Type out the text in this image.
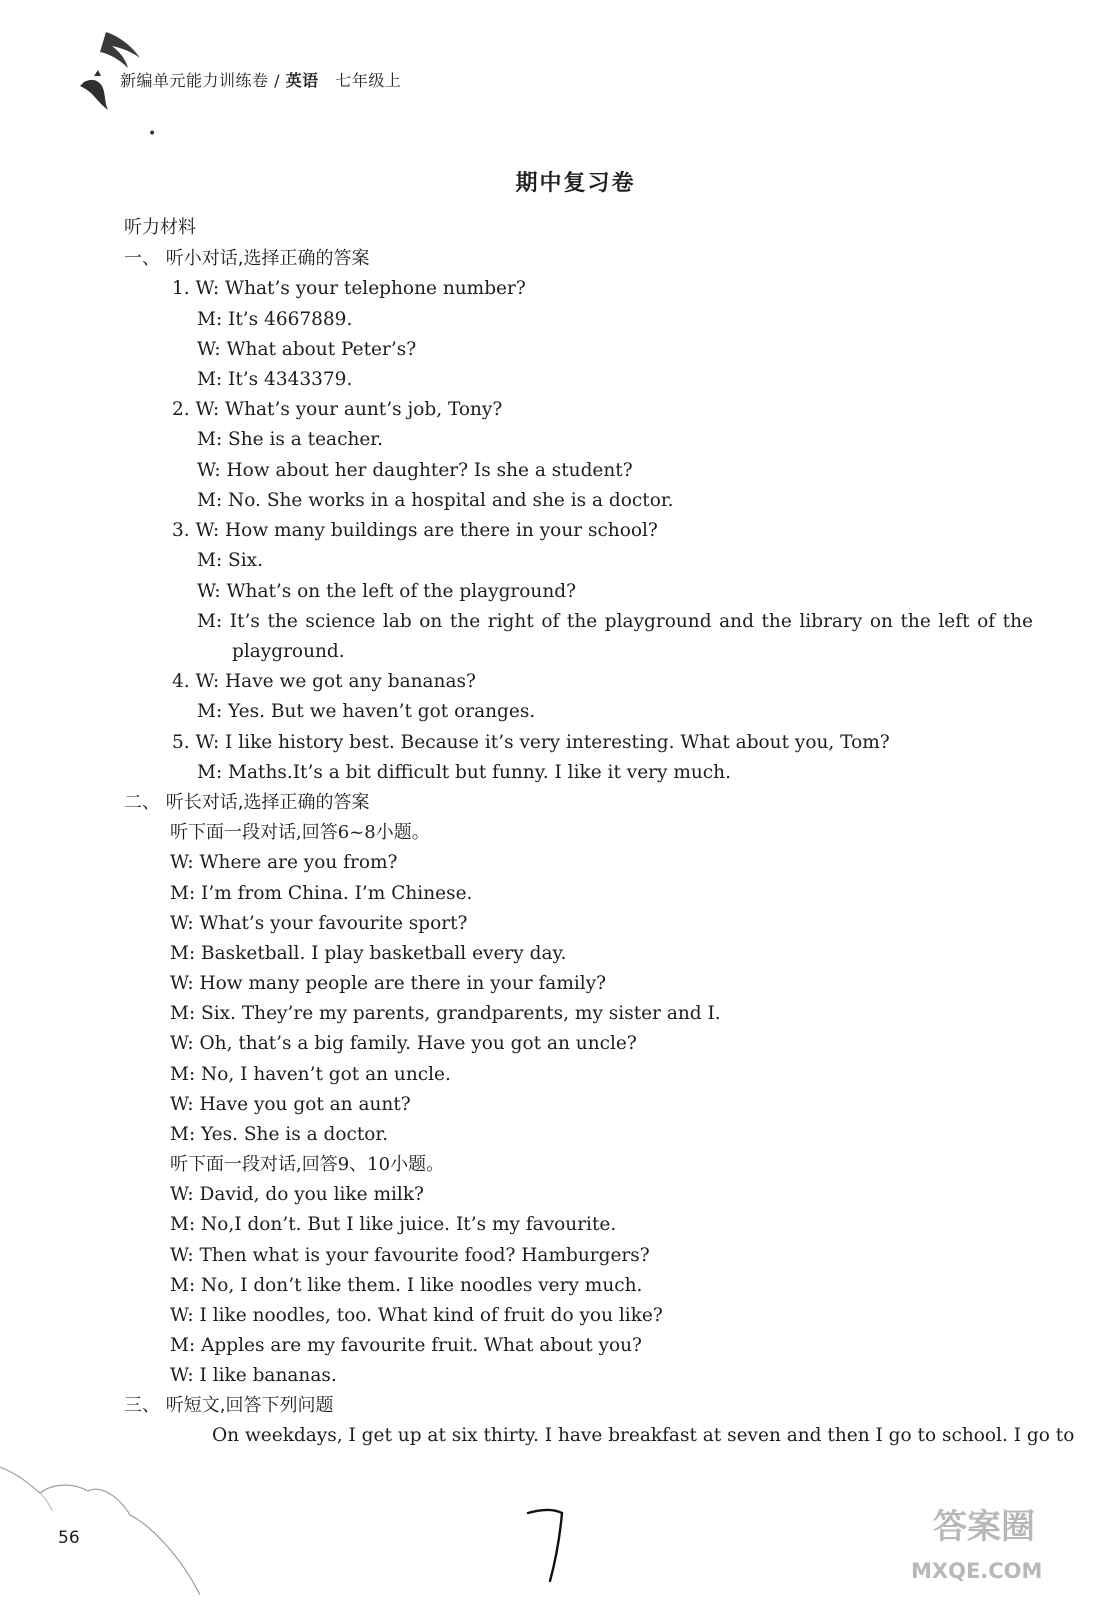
新编单元能力训练卷 / 英语 七年级上
•
期中复习卷
听力材料
一、 听小对话,选择正确的答案
1. W: What’s your telephone number?
M: It’s 4667889.
W: What about Peter’s?
M: It’s 4343379.
2. W: What’s your aunt’s job, Tony?
M: She is a teacher.
W: How about her daughter? Is she a student?
M: No. She works in a hospital and she is a doctor.
3. W: How many buildings are there in your school?
M: Six.
W: What’s on the left of the playground?
M: It’s the science lab on the right of the playground and the library on the left of the
playground.
4. W: Have we got any bananas?
M: Yes. But we haven’t got oranges.
5. W: I like history best. Because it’s very interesting. What about you, Tom?
M: Maths.It’s a bit difficult but funny. I like it very much.
二、 听长对话,选择正确的答案
听下面一段对话,回答6~8小题。
W: Where are you from?
M: I’m from China. I’m Chinese.
W: What’s your favourite sport?
M: Basketball. I play basketball every day.
W: How many people are there in your family?
M: Six. They’re my parents, grandparents, my sister and I.
W: Oh, that’s a big family. Have you got an uncle?
M: No, I haven’t got an uncle.
W: Have you got an aunt?
M: Yes. She is a doctor.
听下面一段对话,回答9、10小题。
W: David, do you like milk?
M: No,I don’t. But I like juice. It’s my favourite.
W: Then what is your favourite food? Hamburgers?
M: No, I don’t like them. I like noodles very much.
W: I like noodles, too. What kind of fruit do you like?
M: Apples are my favourite fruit. What about you?
W: I like bananas.
三、 听短文,回答下列问题
On weekdays, I get up at six thirty. I have breakfast at seven and then I go to school. I go to
56	答案圈
MXQE.COM
